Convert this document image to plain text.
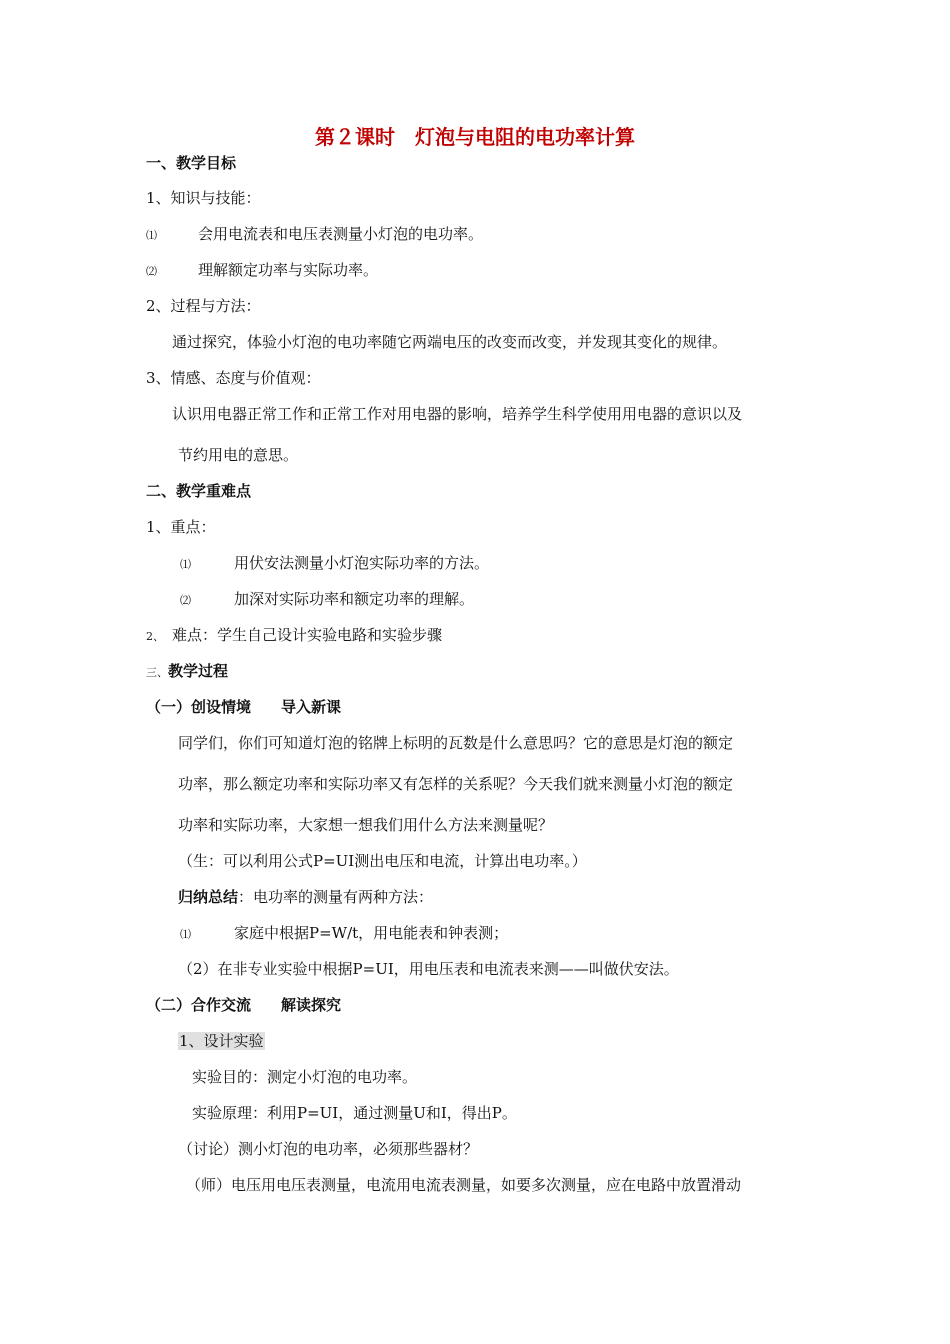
第２课时　灯泡与电阻的电功率计算
一、教学目标
1、知识与技能：
⑴	会用电流表和电压表测量小灯泡的电功率。
⑵	理解额定功率与实际功率。
2、过程与方法：
通过探究，体验小灯泡的电功率随它两端电压的改变而改变，并发现其变化的规律。
3、情感、态度与价值观：
认识用电器正常工作和正常工作对用电器的影响，培养学生科学使用用电器的意识以及
节约用电的意思。
二、教学重难点
1、重点：
⑴	用伏安法测量小灯泡实际功率的方法。
⑵	加深对实际功率和额定功率的理解。
2、 难点：学生自己设计实验电路和实验步骤
三、教学过程
（一）创设情境　　导入新课
同学们，你们可知道灯泡的铭牌上标明的瓦数是什么意思吗？它的意思是灯泡的额定
功率，那么额定功率和实际功率又有怎样的关系呢？今天我们就来测量小灯泡的额定
功率和实际功率，大家想一想我们用什么方法来测量呢？
（生：可以利用公式P=UI测出电压和电流，计算出电功率。）
归纳总结：电功率的测量有两种方法：
⑴	家庭中根据P=W/t，用电能表和钟表测；
（2）在非专业实验中根据P=UI，用电压表和电流表来测——叫做伏安法。
（二）合作交流　　解读探究
1、设计实验
实验目的：测定小灯泡的电功率。
实验原理：利用P=UI，通过测量U和I，得出P。
（讨论）测小灯泡的电功率，必须那些器材？
（师）电压用电压表测量，电流用电流表测量，如要多次测量，应在电路中放置滑动
